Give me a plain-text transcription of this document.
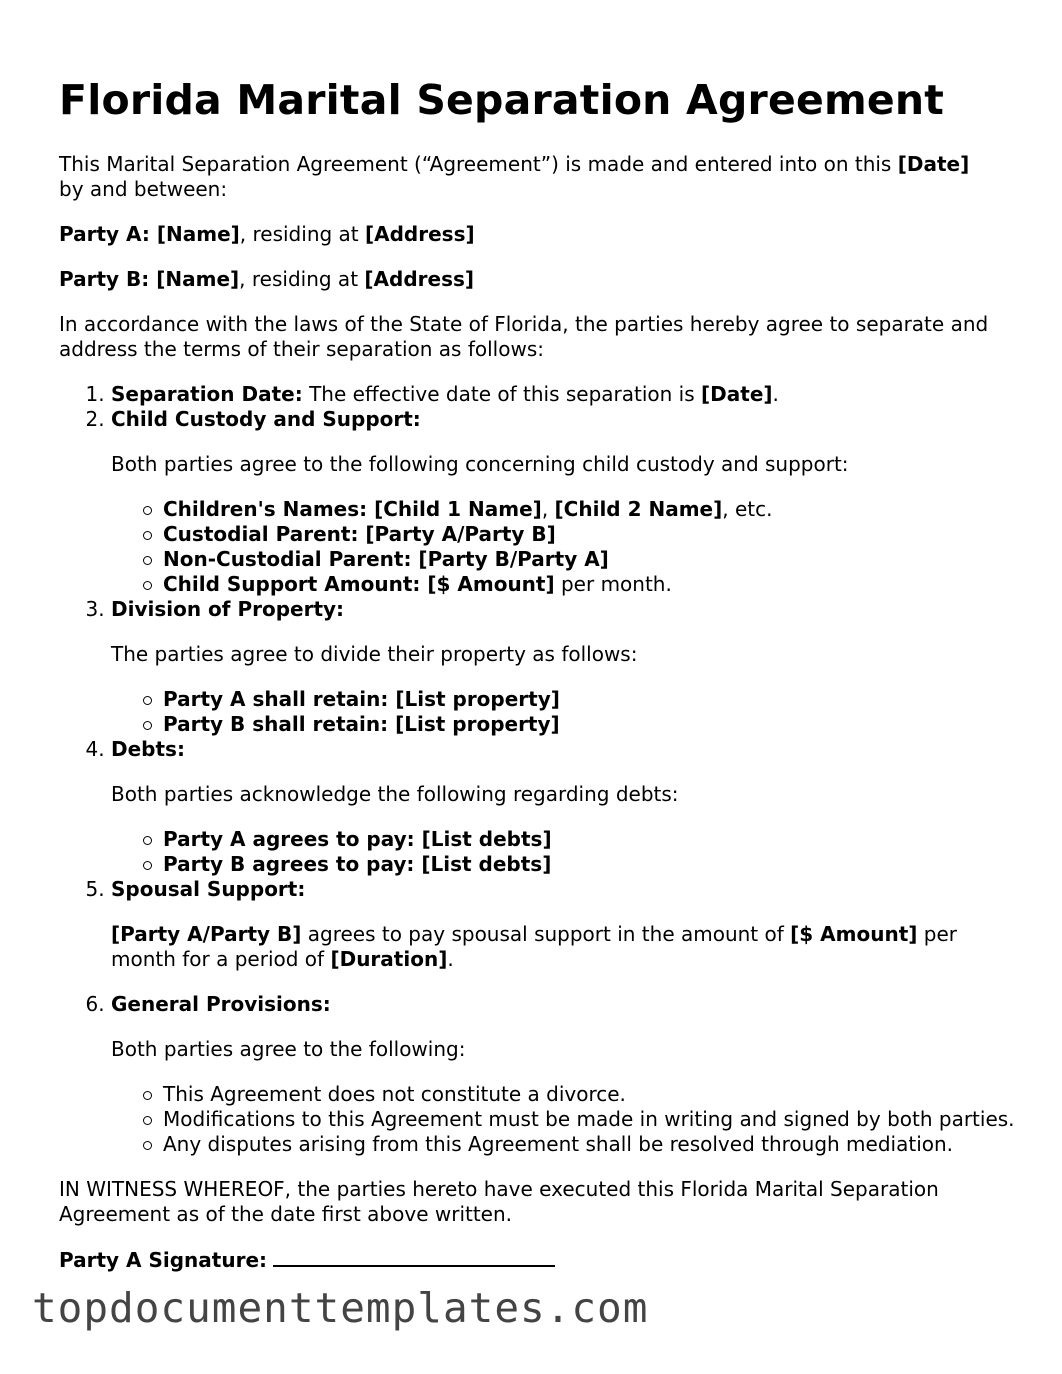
Florida Marital Separation Agreement

This Marital Separation Agreement (“Agreement”) is made and entered into on this [Date]
by and between:

Party A: [Name], residing at [Address]

Party B: [Name], residing at [Address]

In accordance with the laws of the State of Florida, the parties hereby agree to separate and address the terms of their separation as follows:

1. Separation Date: The effective date of this separation is [Date].
2. Child Custody and Support:

Both parties agree to the following concerning child custody and support:

Children's Names: [Child 1 Name], [Child 2 Name], etc.
Custodial Parent: [Party A/Party B]
Non-Custodial Parent: [Party B/Party A]
Child Support Amount: [$ Amount] per month.
3. Division of Property:

The parties agree to divide their property as follows:

Party A shall retain: [List property]
Party B shall retain: [List property]
4. Debts:

Both parties acknowledge the following regarding debts:

Party A agrees to pay: [List debts]
Party B agrees to pay: [List debts]
5. Spousal Support:

[Party A/Party B] agrees to pay spousal support in the amount of [$ Amount] per month for a period of [Duration].

6. General Provisions:

Both parties agree to the following:

This Agreement does not constitute a divorce.
Modifications to this Agreement must be made in writing and signed by both parties.
Any disputes arising from this Agreement shall be resolved through mediation.

IN WITNESS WHEREOF, the parties hereto have executed this Florida Marital Separation Agreement as of the date first above written.

Party A Signature:

topdocumenttemplates.com
